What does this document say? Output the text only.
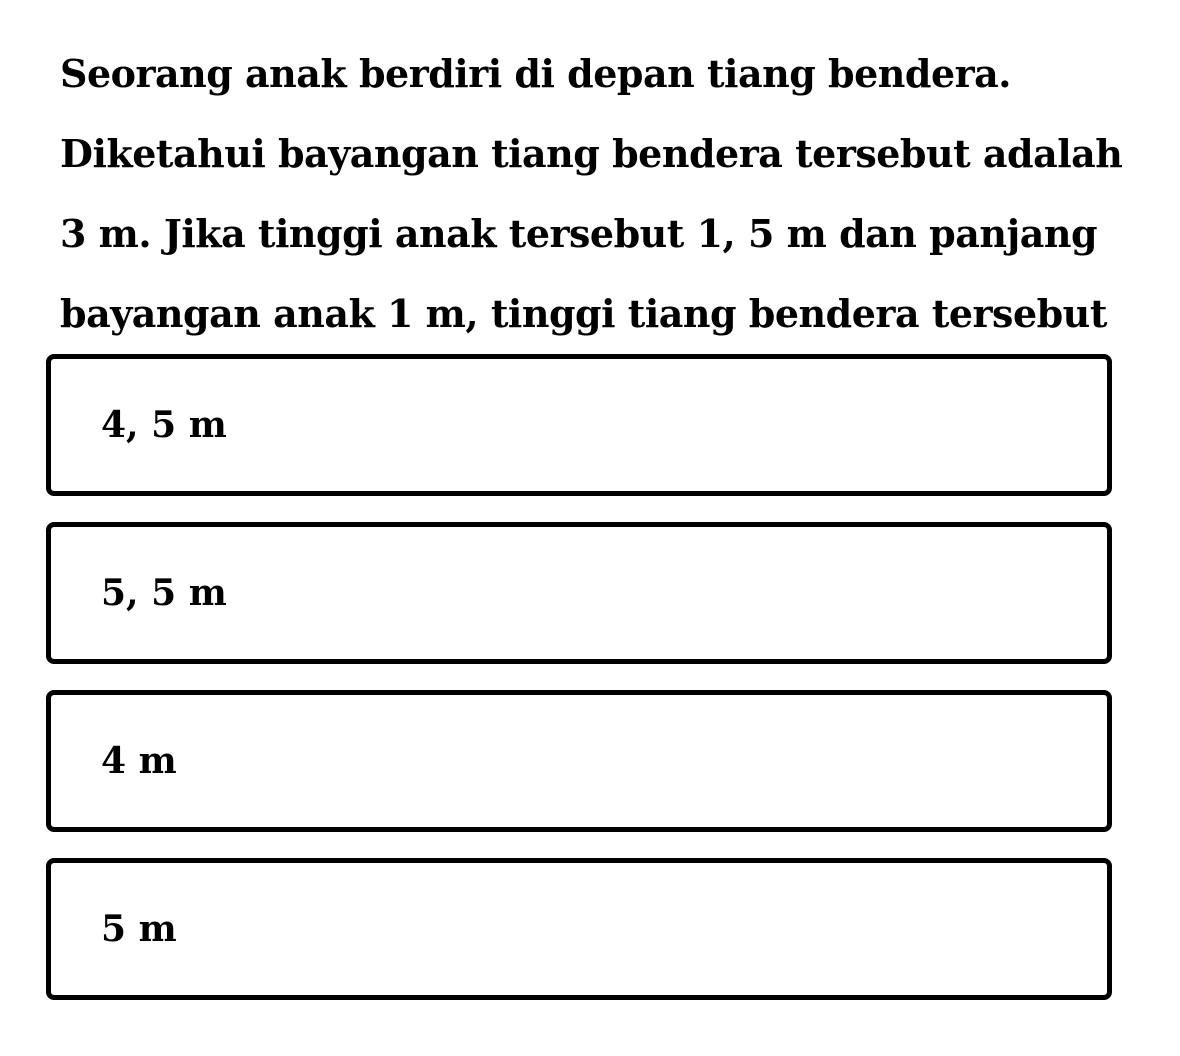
Seorang anak berdiri di depan tiang bendera. Diketahui bayangan tiang bendera tersebut adalah 3 m. Jika tinggi anak tersebut 1, 5 m dan panjang bayangan anak 1 m, tinggi tiang bendera tersebut

4, 5 m
5, 5 m
4 m
5 m
